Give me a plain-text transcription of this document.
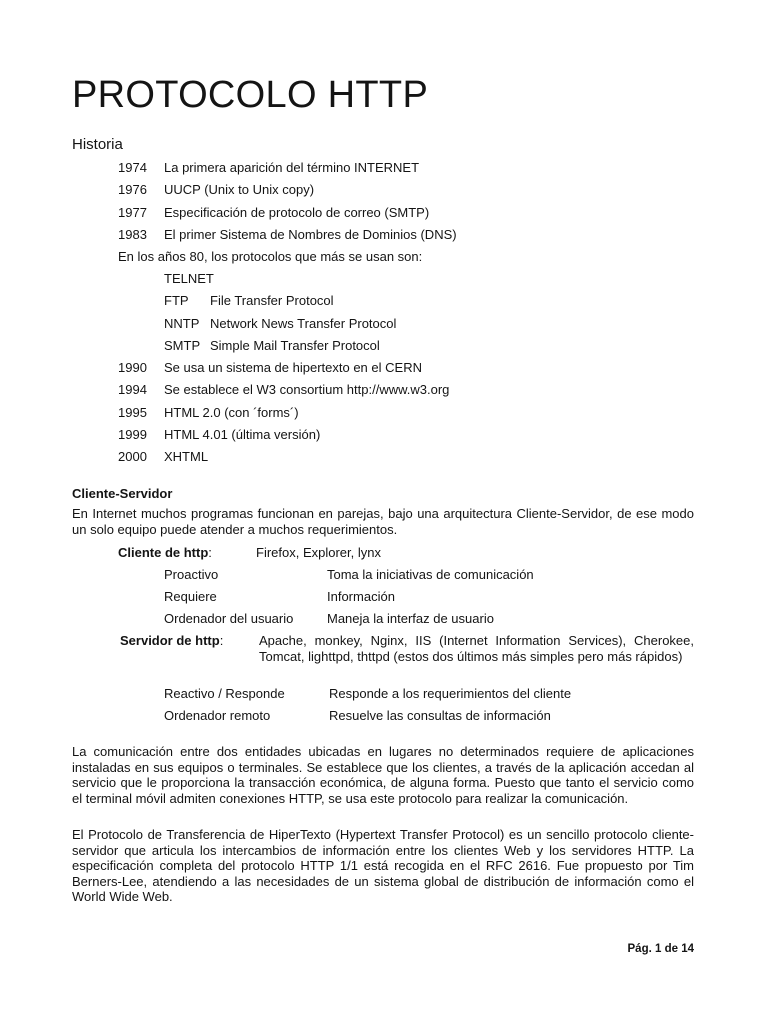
PROTOCOLO HTTP
Historia
1974 La primera aparición del término INTERNET
1976 UUCP (Unix to Unix copy)
1977 Especificación de protocolo de correo (SMTP)
1983 El primer Sistema de Nombres de Dominios (DNS)
En los años 80, los protocolos que más se usan son:
TELNET
FTP File Transfer Protocol
NNTP Network News Transfer Protocol
SMTP Simple Mail Transfer Protocol
1990 Se usa un sistema de hipertexto en el CERN
1994 Se establece el W3 consortium http://www.w3.org
1995 HTML 2.0 (con ´forms´)
1999 HTML 4.01 (última versión)
2000 XHTML
Cliente-Servidor

En Internet muchos programas funcionan en parejas, bajo una arquitectura Cliente-Servidor, de ese modo un solo equipo puede atender a muchos requerimientos.

Cliente de http:	Firefox, Explorer, lynx
Proactivo	Toma la iniciativas de comunicación
Requiere	Información
Ordenador del usuario	Maneja la interfaz de usuario
Servidor de http:	Apache, monkey, Nginx, IIS (Internet Information Services), Cherokee, Tomcat, lighttpd, thttpd (estos dos últimos más simples pero más rápidos)

Reactivo / Responde	Responde a los requerimientos del cliente
Ordenador remoto	Resuelve las consultas de información

La comunicación entre dos entidades ubicadas en lugares no determinados requiere de aplicaciones instaladas en sus equipos o terminales. Se establece que los clientes, a través de la aplicación accedan al servicio que le proporciona la transacción económica, de alguna forma. Puesto que tanto el servicio como el terminal móvil admiten conexiones HTTP, se usa este protocolo para realizar la comunicación.

El Protocolo de Transferencia de HiperTexto (Hypertext Transfer Protocol) es un sencillo protocolo cliente-servidor que articula los intercambios de información entre los clientes Web y los servidores HTTP. La especificación completa del protocolo HTTP 1/1 está recogida en el RFC 2616. Fue propuesto por Tim Berners-Lee, atendiendo a las necesidades de un sistema global de distribución de información como el World Wide Web.

Pág. 1 de 14
